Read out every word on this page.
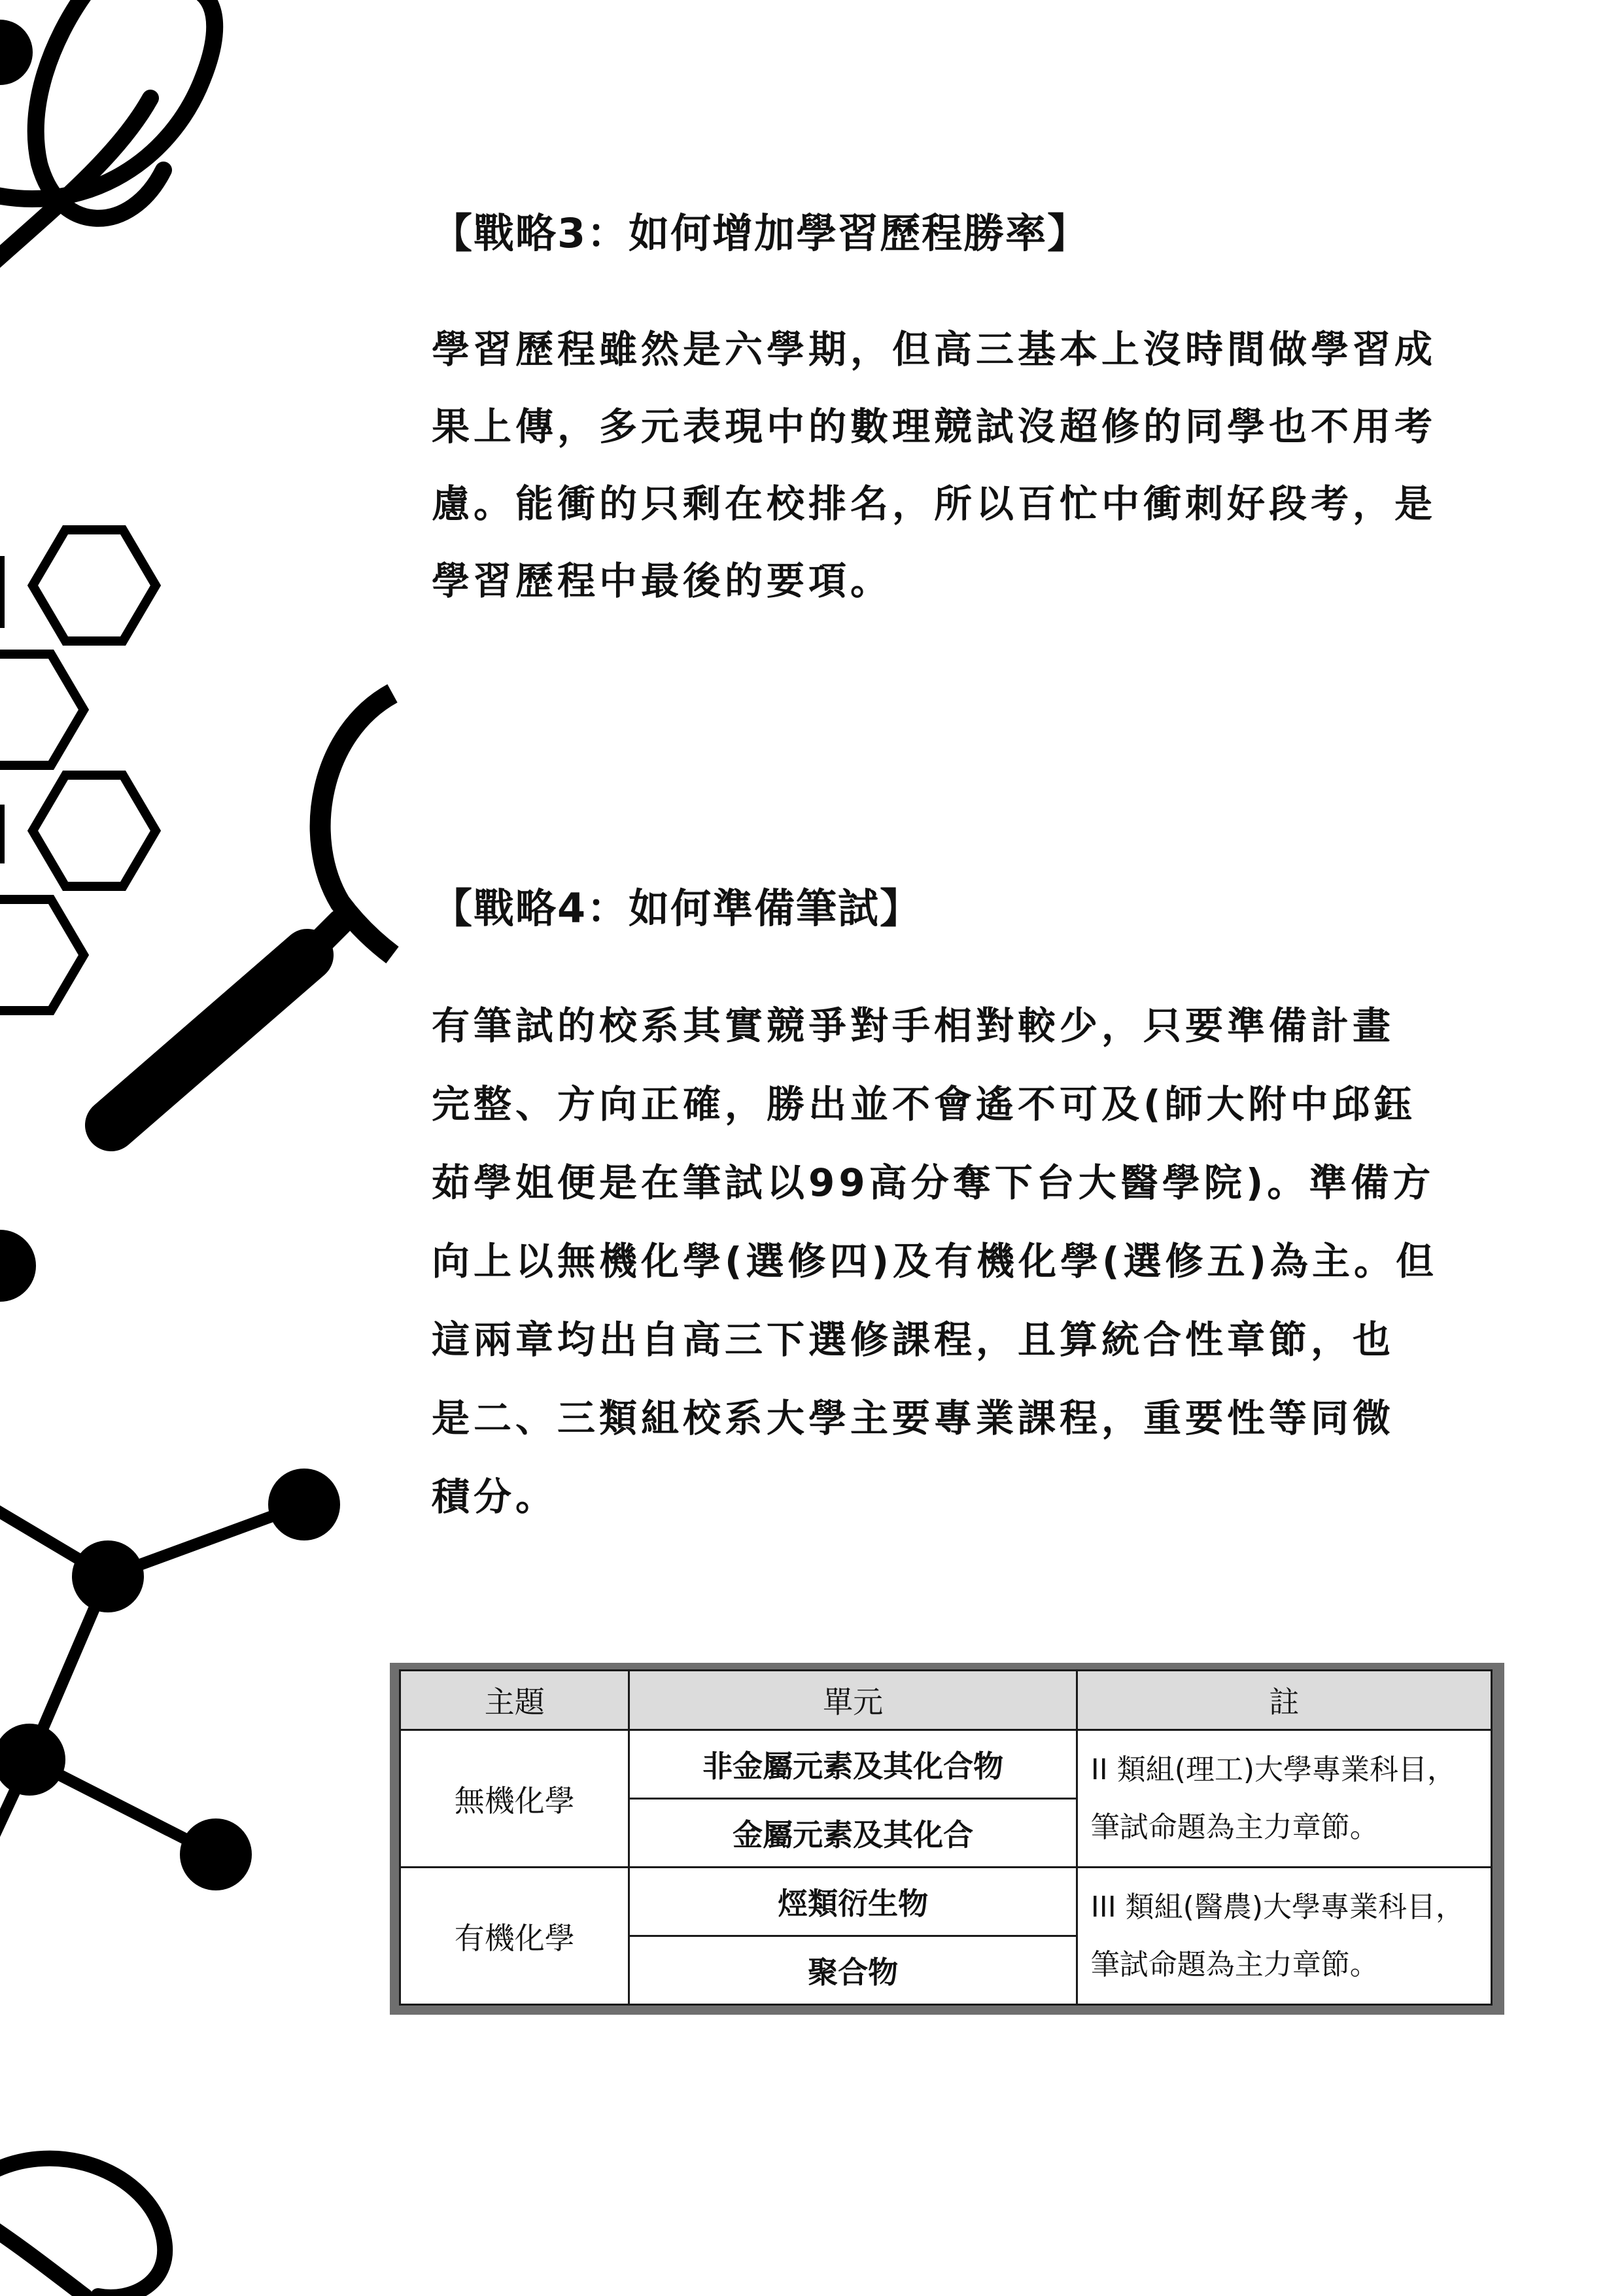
【戰略3：如何增加學習歷程勝率】
學習歷程雖然是六學期，但高三基本上沒時間做學習成
果上傳，多元表現中的數理競試沒超修的同學也不用考
慮。能衝的只剩在校排名，所以百忙中衝刺好段考，是
學習歷程中最後的要項。
【戰略4：如何準備筆試】
有筆試的校系其實競爭對手相對較少，只要準備計畫
完整、方向正確，勝出並不會遙不可及(師大附中邱鈺
茹學姐便是在筆試以99高分奪下台大醫學院)。準備方
向上以無機化學(選修四)及有機化學(選修五)為主。但
這兩章均出自高三下選修課程，且算統合性章節，也
是二、三類組校系大學主要專業課程，重要性等同微
積分。
主題	單元	註
無機化學	非金屬元素及其化合物	II 類組(理工)大學專業科目，
筆試命題為主力章節。

	金屬元素及其化合	
有機化學	烴類衍生物	III 類組(醫農)大學專業科目，
筆試命題為主力章節。

	聚合物	
